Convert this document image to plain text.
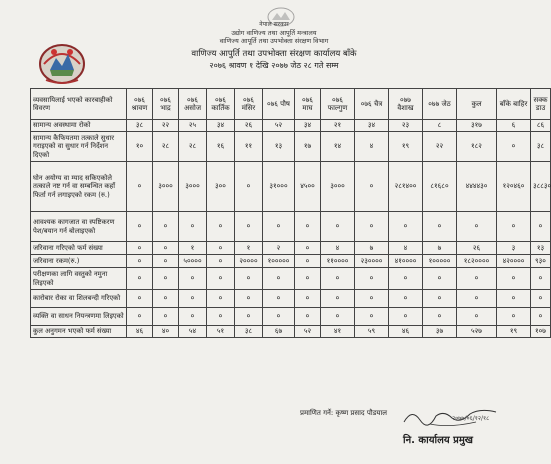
नेपाल सरकार
उद्योग वाणिज्य तथा आपूर्ति मन्त्रालय
वाणिज्य आपूर्ति तथा उपभोक्ता संरक्षण विभाग
वाणिज्य आपुर्ति तथा उपभोक्ता संरक्षण कार्यालय बाँके
२०७६ श्रावण १ देखि २०७७ जेठ २८ गते सम्म
व्यवसायिलाई भएको कारबाहीको विवरण	०७६ श्रावण	०७६ भाद्र	०७६ असोज	०७६ कार्तिक	०७६ मंसिर	०७६ पौष	०७६ माघ	०७६ फाल्गुण	०७६ चैत्र	०७७ वैशाख	०७७ जेठ	कुल	बाँके बाहिर	सक्क डाउ
सामान्य अवस्थामा रोको	३८	२२	२५	३४	२६	५२	३४	२१	३४	२३	८	३१७	६	८६
सामान्य कैफियतमा तत्काले सुधार गराइएको वा सुधार गर्न निर्देशन दिएको	१०	२८	२८	१६	११	१३	१७	१४	४	१९	२२	१८२	०	३८
घोन अयोग्य वा म्याद सकिएकोले तत्काले नष्ट गर्न वा सम्बन्धित कहाँ फिर्ता गर्न लगाइएको रकम (रु.)	०	३०००	३०००	३००	०	३१०००	४५००	३०००	०	२८१४००	८१६८०	४४४४३०	१२०४६०	३८८३०
आवश्यक कागजात वा स्पष्टिकरण पेश/बयान गर्न बोलाइएको	०	०	०	०	०	०	०	०	०	०	०	०	०	०
जरिवाना गरिएको फर्म संख्या	०	०	१	०	१	२	०	४	७	४	७	२६	३	१३
जरिवाना रकम(रु.)	०	०	५००००	०	२००००	१०००००	०	११००००	२३००००	४१००००	१०००००	१८२००००	४२००००	९३०
परीक्षणका लागि वस्तुको नमुना लिइएको	०	०	०	०	०	०	०	०	०	०	०	०	०	०
कारोबार रोका वा शिलबन्दी गरिएको	०	०	०	०	०	०	०	०	०	०	०	०	०	०
व्यक्ति वा साधन नियन्त्रणमा लिइएको	०	०	०	०	०	०	०	०	०	०	०	०	०	०
कुल अनुगमन भएको फर्म संख्या	४६	४०	५४	५१	३८	६७	५२	४१	५९	४६	३७	५२७	१९	१०७
प्रमाणित गर्ने: कृष्ण प्रसाद पौडयाल
२०७७/०६/१२/१८
नि. कार्यालय प्रमुख
